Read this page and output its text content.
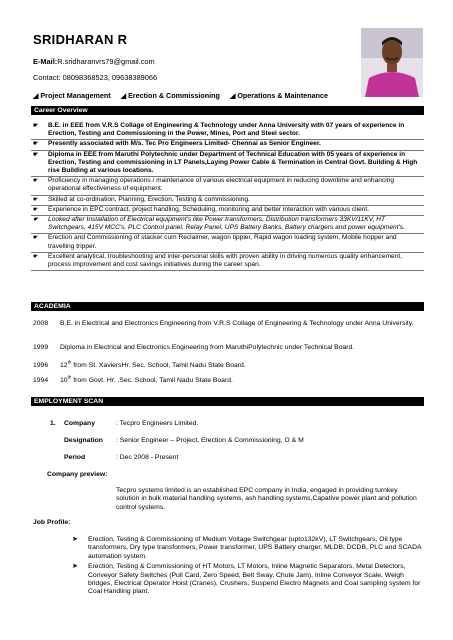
SRIDHARAN R
E-Mail:R.sridharanvrs79@gmail.com
Contact: 08098368523, 09638389066
◢ Project Management ◢ Erection & Commissioning ◢ Operations & Maintenance
Career Overview
☛ B.E. in EEE from V.R.S Collage of Engineering & Technology under Anna University with 07 years of experience in Erection, Testing and Commissioning in the Power, Mines, Port and Steel sector.
☛ Presently associated with M/s. Tec Pro Engineers Limited- Chennai as Senior Engineer.
☛ Diploma in EEE from Maruthi Polytechnic under Department of Technical Education with 05 years of experience in Erection, Testing and commissioning in LT Panels,Laying Power Cable & Termination in Central Govt. Building & High rise Building at various locations.
☛ Proficiency in managing operations / maintenance of various electrical equipment in reducing downtime and enhancing operational effectiveness of equipment.
☛ Skilled at co-ordination, Planning, Erection, Testing & commissioning.
☛ Experience in EPC contract, project handling, Scheduling, monitoring and better interaction with various client.
☛ Looked after Installation of Electrical equipment's like Power transformers, Distribution transformers 33KV/11KV, HT Switchgears, 415V MCC's, PLC Control panel, Relay Panel, UPS Battery Banks, Battery chargers and power equipment's.
☛ Erection and Commissioning of stacker cum Reclaimer, wagon tippler, Rapid wagon loading system, Mobile hopper and travelling tripper.
☛ Excellent analytical, troubleshooting and inter-personal skills with proven ability in driving numerous quality enhancement, process improvement and cost savings initiatives during the career span.
ACADEMIA
2008	B.E. in Electrical and Electronics Engineering from V.R.S Collage of Engineering & Technology under Anna University.
1999	Diploma in Electrical and Electronics Engineering from MaruthiPolytechnic under Technical Board.
1996	12th from St. XaviersHr. Sec. School, Tamil Nadu State Board.
1994	10th from Govt. Hr. .Sec. School, Tamil Nadu State Board.
EMPLOYMENT SCAN
1. Company	: Tecpro Engineers Limited.
Designation : Senior Engineer – Project, Erection & Commissioning, O & M
Period	: Dec 2008 - Present
Company preview:
Tecpro systems limited is an established EPC company in India, engaged in providing turnkey solution in bulk material handling systems, ash handling systems,Capative power plant and pollution control systems.
Job Profile:
➤ Erection, Testing & Commissioning of Medium Voltage Switchgear (upto132kV), LT Switchgears, Oil type transformers, Dry type transformers, Power transformer, UPS Battery charger, MLDB, DCDB, PLC and SCADA automation system.
➤ Erection, Testing & Commissioning of HT Motors, LT Motors, Inline Magnetic Separators, Metal Detectors, Conveyor Safety Switches (Pull Card, Zero Speed, Belt Sway, Chute Jam), Inline Conveyor Scale, Weigh bridges, Electrical Operator Hoist (Cranes), Crushers, Suspend Electro Magnets and Coal sampling system for Coal Handling plant.
